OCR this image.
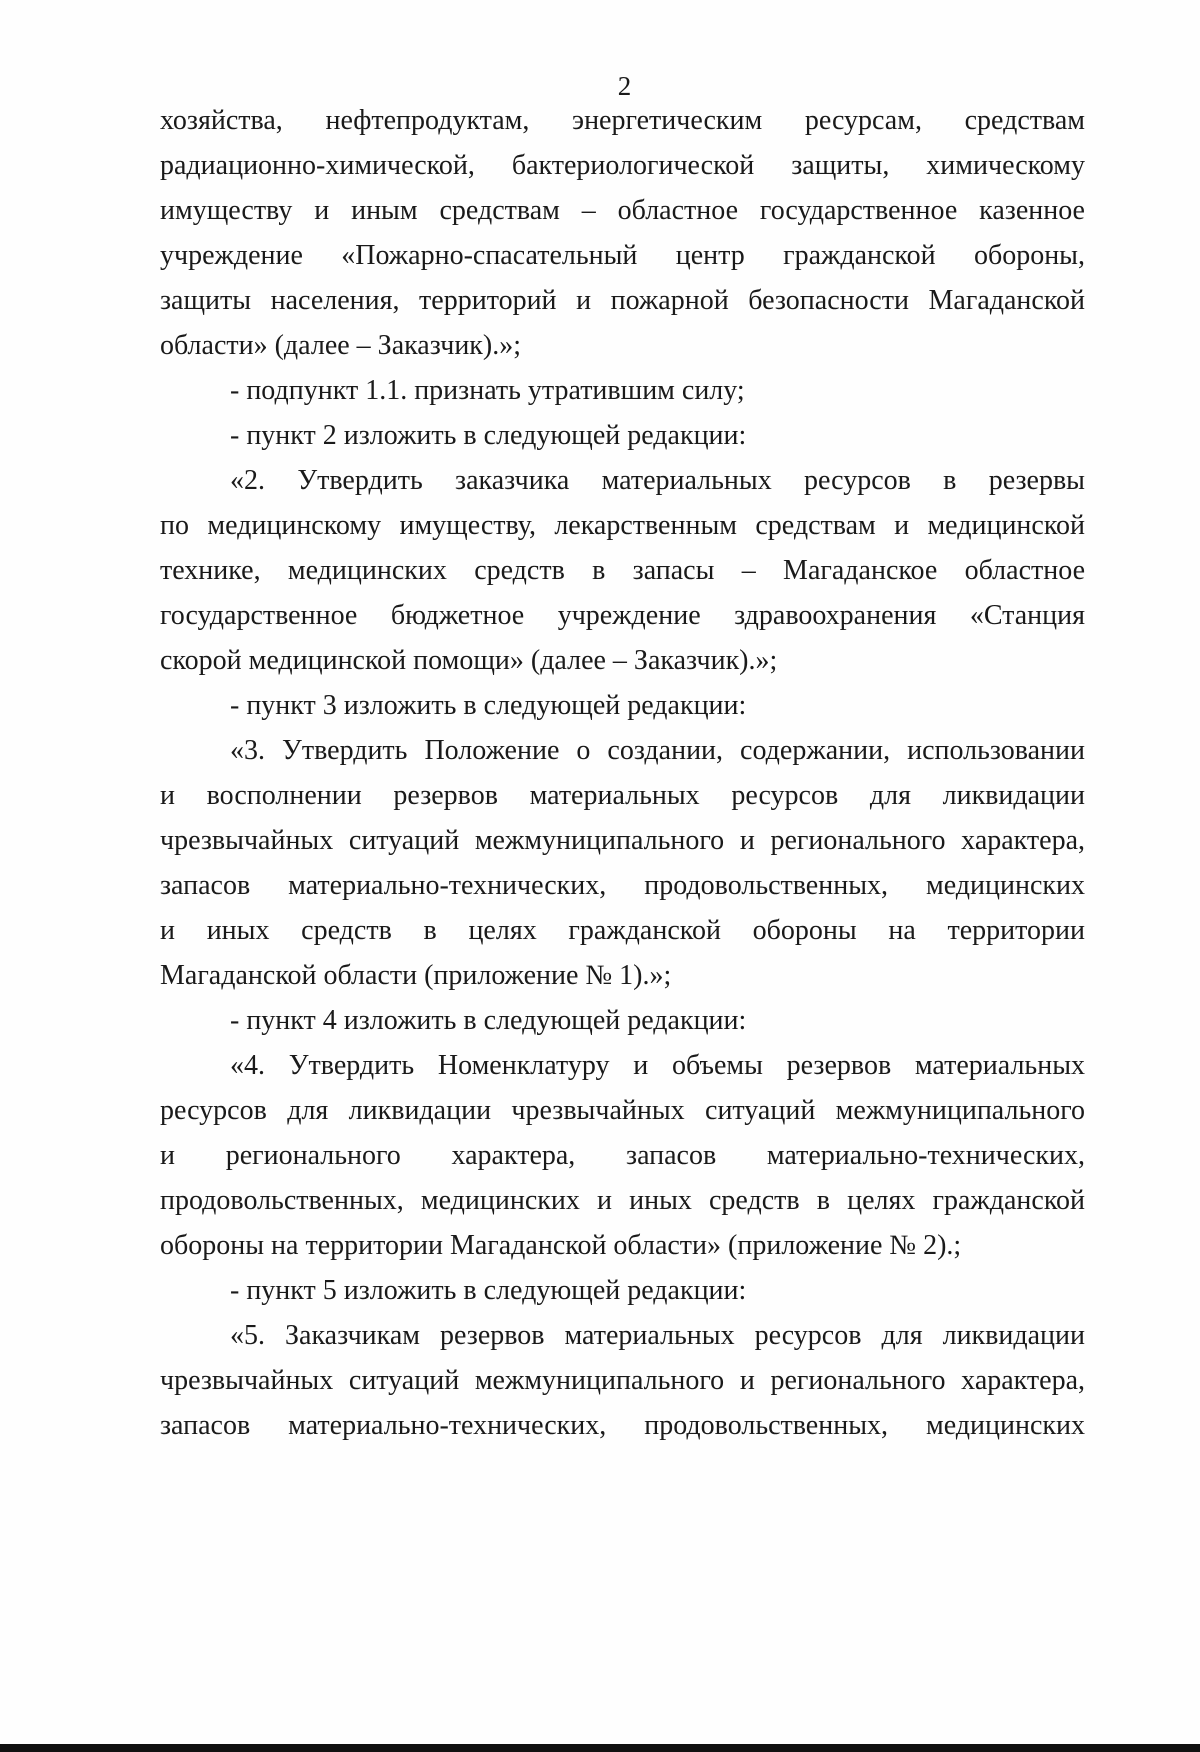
2
хозяйства, нефтепродуктам, энергетическим ресурсам, средствам
радиационно-химической, бактериологической защиты, химическому
имуществу и иным средствам – областное государственное казенное
учреждение «Пожарно-спасательный центр гражданской обороны,
защиты населения, территорий и пожарной безопасности Магаданской
области» (далее – Заказчик).»;
- подпункт 1.1. признать утратившим силу;
- пункт 2 изложить в следующей редакции:
«2. Утвердить заказчика материальных ресурсов в резервы
по медицинскому имуществу, лекарственным средствам и медицинской
технике, медицинских средств в запасы – Магаданское областное
государственное бюджетное учреждение здравоохранения «Станция
скорой медицинской помощи» (далее – Заказчик).»;
- пункт 3 изложить в следующей редакции:
«3. Утвердить Положение о создании, содержании, использовании
и восполнении резервов материальных ресурсов для ликвидации
чрезвычайных ситуаций межмуниципального и регионального характера,
запасов материально-технических, продовольственных, медицинских
и иных средств в целях гражданской обороны на территории
Магаданской области (приложение № 1).»;
- пункт 4 изложить в следующей редакции:
«4. Утвердить Номенклатуру и объемы резервов материальных
ресурсов для ликвидации чрезвычайных ситуаций межмуниципального
и регионального характера, запасов материально-технических,
продовольственных, медицинских и иных средств в целях гражданской
обороны на территории Магаданской области» (приложение № 2).;
- пункт 5 изложить в следующей редакции:
«5. Заказчикам резервов материальных ресурсов для ликвидации
чрезвычайных ситуаций межмуниципального и регионального характера,
запасов материально-технических, продовольственных, медицинских
